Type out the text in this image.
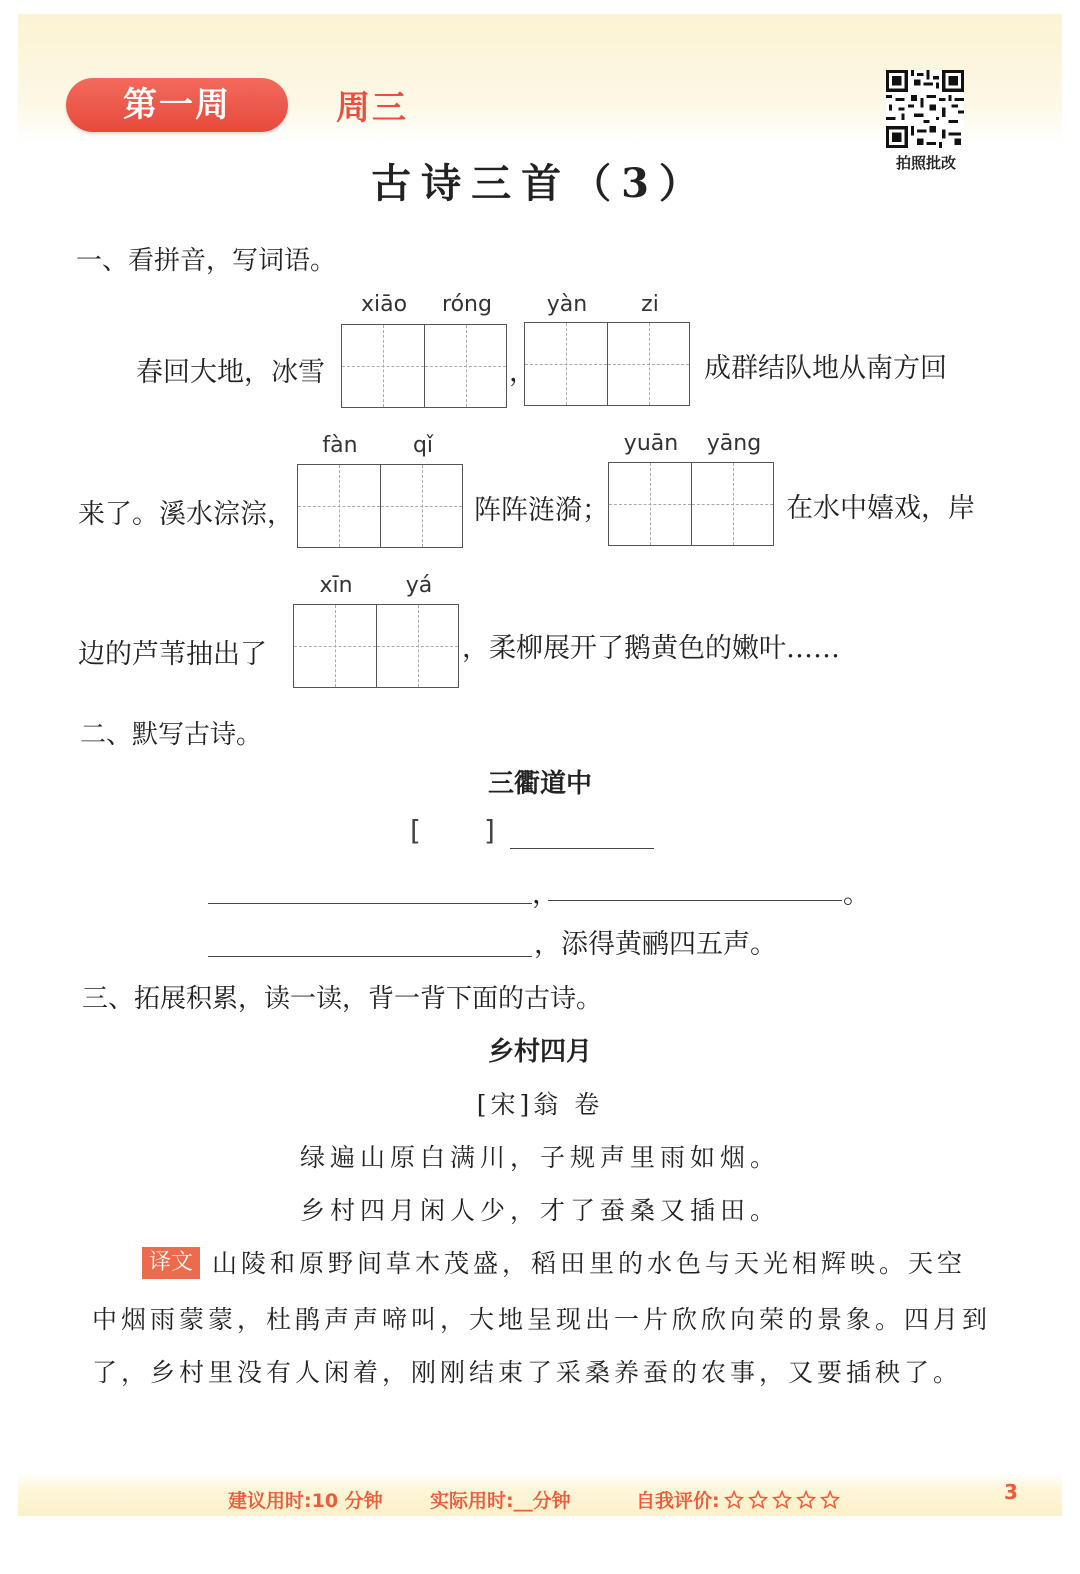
第一周	周三
拍照批改
古诗三首（3）
一、看拼音，写词语。
xiāo	róng	yàn	zi
春回大地，冰雪	，	成群结队地从南方回
fàn	qǐ	yuān	yāng
来了。溪水淙淙，	阵阵涟漪；	在水中嬉戏，岸
xīn	yá
边的芦苇抽出了	，柔柳展开了鹅黄色的嫩叶……
二、默写古诗。
三衢道中
[ ]
，	。
，添得黄鹂四五声。
三、拓展积累，读一读，背一背下面的古诗。
乡村四月
[宋]翁 卷
绿遍山原白满川，子规声里雨如烟。
乡村四月闲人少，才了蚕桑又插田。
译文 山陵和原野间草木茂盛，稻田里的水色与天光相辉映。天空
中烟雨蒙蒙，杜鹃声声啼叫，大地呈现出一片欣欣向荣的景象。四月到
了，乡村里没有人闲着，刚刚结束了采桑养蚕的农事，又要插秧了。
建议用时:10 分钟 实际用时:__分钟	自我评价:	3
